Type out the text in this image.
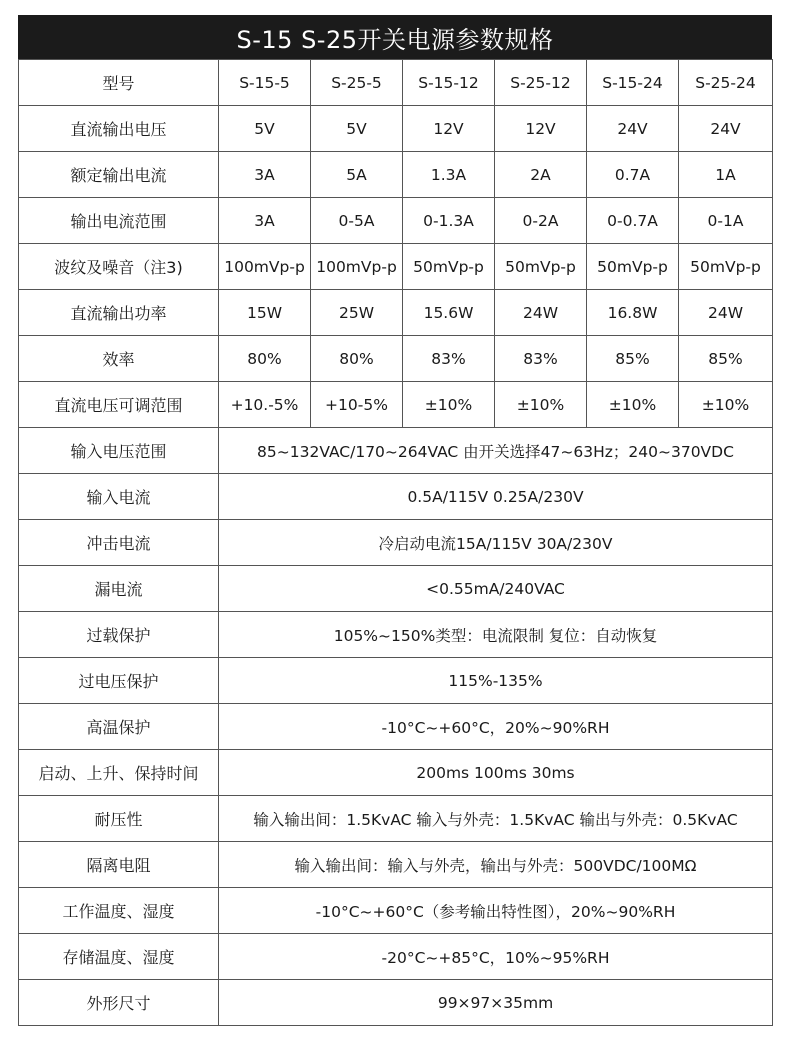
S-15 S-25开关电源参数规格
型号	S-15-5	S-25-5	S-15-12	S-25-12	S-15-24	S-25-24
直流输出电压	5V	5V	12V	12V	24V	24V
额定输出电流	3A	5A	1.3A	2A	0.7A	1A
输出电流范围	3A	0-5A	0-1.3A	0-2A	0-0.7A	0-1A
波纹及噪音（注3)	100mVp-p	100mVp-p	50mVp-p	50mVp-p	50mVp-p	50mVp-p
直流输出功率	15W	25W	15.6W	24W	16.8W	24W
效率	80%	80%	83%	83%	85%	85%
直流电压可调范围	+10.-5%	+10-5%	±10%	±10%	±10%	±10%
输入电压范围	85~132VAC/170~264VAC 由开关选择47~63Hz；240~370VDC					
输入电流	0.5A/115V 0.25A/230V					
冲击电流	冷启动电流15A/115V 30A/230V					
漏电流	<0.55mA/240VAC					
过载保护	105%~150%类型：电流限制 复位：自动恢复					
过电压保护	115%-135%					
高温保护	-10°C~+60°C，20%~90%RH					
启动、上升、保持时间	200ms 100ms 30ms					
耐压性	输入输出间：1.5KvAC 输入与外壳：1.5KvAC 输出与外壳：0.5KvAC					
隔离电阻	输入输出间：输入与外壳，输出与外壳：500VDC/100MΩ					
工作温度、湿度	-10°C~+60°C（参考输出特性图），20%~90%RH					
存储温度、湿度	-20°C~+85°C，10%~95%RH					
外形尺寸	99×97×35mm					
